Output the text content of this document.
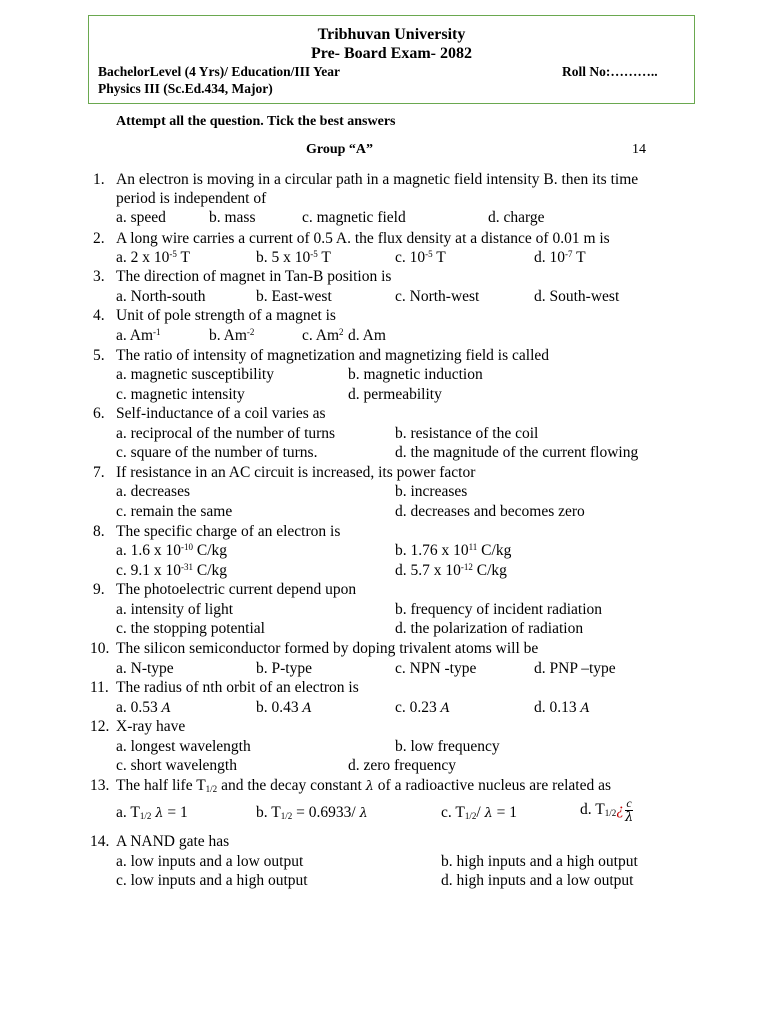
Tribhuvan University
Pre- Board Exam- 2082
BachelorLevel (4 Yrs)/ Education/III Year	Roll No:………..
Physics III (Sc.Ed.434, Major)
Attempt all the question. Tick the best answers
Group “A”	14
1. An electron is moving in a circular path in a magnetic field intensity B. then its time
period is independent of
a. speed	b. mass	c. magnetic field	d. charge
2. A long wire carries a current of 0.5 A. the flux density at a distance of 0.01 m is
a. 2 x $10^{-5}$ T	b. 5 x $10^{-5}$ T	c. $10^{-5}$ T	d. $10^{-7}$ T
3. The direction of magnet in Tan-B position is
a. North-south	b. East-west	c. North-west	d. South-west
4. Unit of pole strength of a magnet is
a. $Am^{-1}$	b. $Am^{-2}$	c. Am$^2$ d. Am
5. The ratio of intensity of magnetization and magnetizing field is called
a. magnetic susceptibility	b. magnetic induction
c. magnetic intensity	d. permeability
6. Self-inductance of a coil varies as
a. reciprocal of the number of turns	b. resistance of the coil
c. square of the number of turns.	d. the magnitude of the current flowing
7. If resistance in an AC circuit is increased, its power factor
a. decreases	b. increases
c. remain the same	d. decreases and becomes zero
8. The specific charge of an electron is
a. 1.6 x $10^{-10}$ C/kg	b. 1.76 x $10^{11}$ C/kg
c. 9.1 x $10^{-31}$ C/kg	d. 5.7 x $10^{-12}$ C/kg
9. The photoelectric current depend upon
a. intensity of light	b. frequency of incident radiation
c. the stopping potential	d. the polarization of radiation
10. The silicon semiconductor formed by doping trivalent atoms will be
a. N-type	b. P-type	c. NPN -type	d. PNP –type
11. The radius of nth orbit of an electron is
a. 0.53 A	b. 0.43 A	c. 0.23 A	d. 0.13 A
12. X-ray have
a. longest wavelength	b. low frequency
c. short wavelength	d. zero frequency
13. The half life $T_{1/2}$ and the decay constant λ of a radioactive nucleus are related as
a. $T_{1/2}$ λ = 1	b. $T_{1/2} = 0.6933/$ λ	c. $T_{1/2}/$ λ = 1	d. $T_{1/2}¿ \frac{c}{\lambda}$
14. A NAND gate has
a. low inputs and a low output	b. high inputs and a high output
c. low inputs and a high output	d. high inputs and a low output
